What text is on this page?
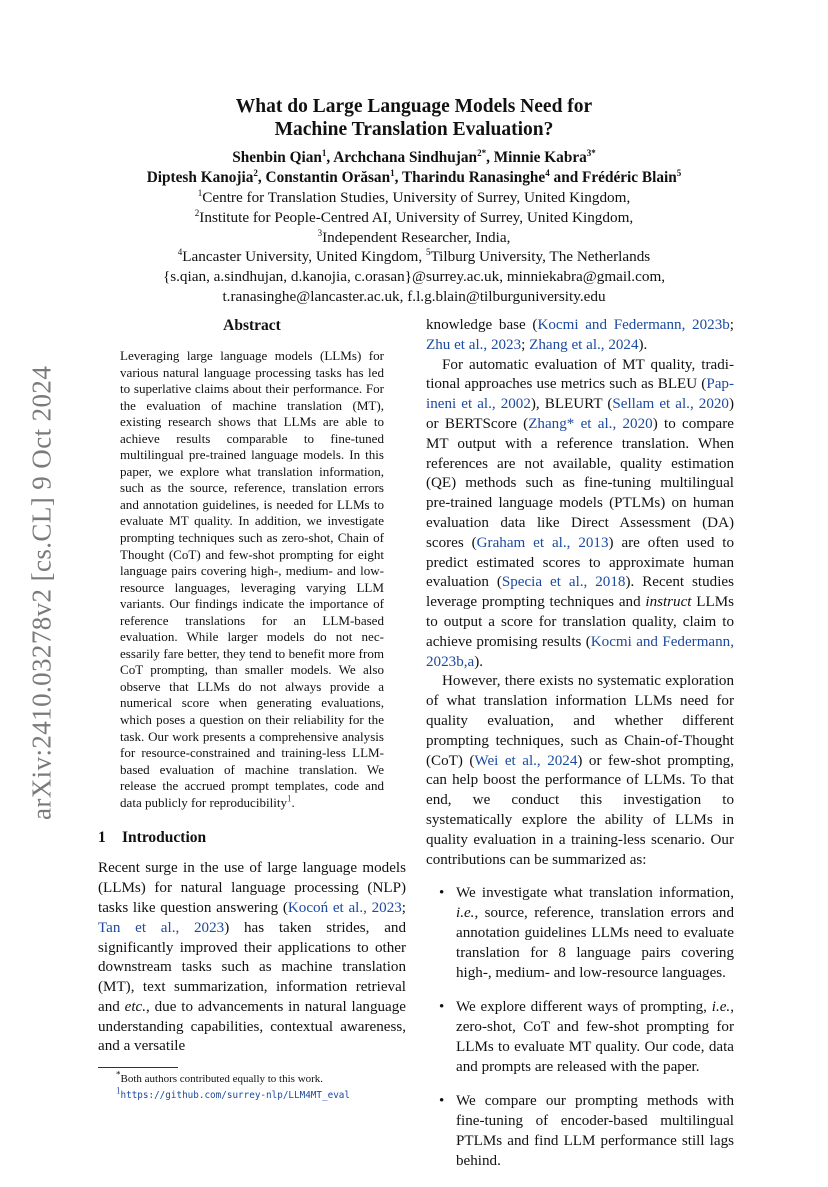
arXiv:2410.03278v2 [cs.CL] 9 Oct 2024
What do Large Language Models Need for
Machine Translation Evaluation?
Shenbin Qian$^1$, Archchana Sindhujan$^{2*}$, Minnie Kabra$^{3*}$
Diptesh Kanojia$^2$, Constantin Orăsan$^1$, Tharindu Ranasinghe$^4$ and Frédéric Blain$^5$
$^1$Centre for Translation Studies, University of Surrey, United Kingdom,
$^2$Institute for People-Centred AI, University of Surrey, United Kingdom,
$^3$Independent Researcher, India,
$^4$Lancaster University, United Kingdom, $^5$Tilburg University, The Netherlands
{s.qian, a.sindhujan, d.kanojia, c.orasan}@surrey.ac.uk, minniekabra@gmail.com,
t.ranasinghe@lancaster.ac.uk, f.l.g.blain@tilburguniversity.edu
Abstract
Leveraging large language models (LLMs) for various natural language processing tasks has led to superlative claims about their performance. For the evaluation of machine translation (MT), existing research shows that LLMs are able to achieve results comparable to fine-tuned multilingual pre-trained language models. In this paper, we explore what translation information, such as the source, reference, translation errors and annotation guidelines, is needed for LLMs to evaluate MT quality. In addition, we investigate prompting techniques such as zero-shot, Chain of Thought (CoT) and few-shot prompting for eight language pairs covering high-, medium- and low-resource languages, leveraging varying LLM variants. Our findings indicate the importance of reference translations for an LLM-based evaluation. While larger models do not necessarily fare better, they tend to benefit more from CoT prompting, than smaller models. We also observe that LLMs do not always provide a numerical score when generating evaluations, which poses a question on their reliability for the task. Our work presents a comprehensive analysis for resource-constrained and training-less LLM-based evaluation of machine translation. We release the accrued prompt templates, code and data publicly for reproducibility$^1$.
1 Introduction
Recent surge in the use of large language models (LLMs) for natural language processing (NLP) tasks like question answering (Kocoń et al., 2023; Tan et al., 2023) has taken strides, and significantly improved their applications to other downstream tasks such as machine translation (MT), text summarization, information retrieval and etc., due to advancements in natural language understanding capabilities, contextual awareness, and a versatile
*Both authors contributed equally to this work.
$^1$https://github.com/surrey-nlp/LLM4MT_eval
knowledge base (Kocmi and Federmann, 2023b; Zhu et al., 2023; Zhang et al., 2024).
For automatic evaluation of MT quality, traditional approaches use metrics such as BLEU (Papineni et al., 2002), BLEURT (Sellam et al., 2020) or BERTScore (Zhang* et al., 2020) to compare MT output with a reference translation. When references are not available, quality estimation (QE) methods such as fine-tuning multilingual pre-trained language models (PTLMs) on human evaluation data like Direct Assessment (DA) scores (Graham et al., 2013) are often used to predict estimated scores to approximate human evaluation (Specia et al., 2018). Recent studies leverage prompting techniques and instruct LLMs to output a score for translation quality, claim to achieve promising results (Kocmi and Federmann, 2023b,a).
However, there exists no systematic exploration of what translation information LLMs need for quality evaluation, and whether different prompting techniques, such as Chain-of-Thought (CoT) (Wei et al., 2024) or few-shot prompting, can help boost the performance of LLMs. To that end, we conduct this investigation to systematically explore the ability of LLMs in quality evaluation in a training-less scenario. Our contributions can be summarized as:
• We investigate what translation information, i.e., source, reference, translation errors and annotation guidelines LLMs need to evaluate translation for 8 language pairs covering high-, medium- and low-resource languages.
• We explore different ways of prompting, i.e., zero-shot, CoT and few-shot prompting for LLMs to evaluate MT quality. Our code, data and prompts are released with the paper.
• We compare our prompting methods with fine-tuning of encoder-based multilingual PTLMs and find LLM performance still lags behind.
